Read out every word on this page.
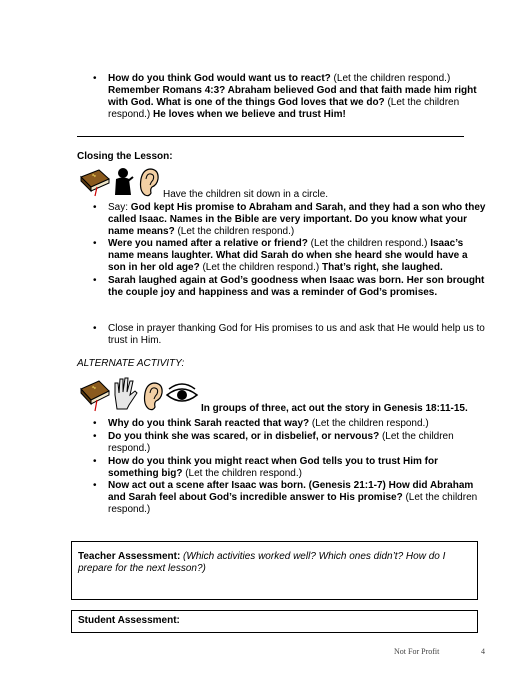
•	How do you think God would want us to react? (Let the children respond.) Remember Romans 4:3? Abraham believed God and that faith made him right with God. What is one of the things God loves that we do? (Let the children respond.) He loves when we believe and trust Him!
Closing the Lesson:
Have the children sit down in a circle.
•	Say: God kept His promise to Abraham and Sarah, and they had a son who they called Isaac. Names in the Bible are very important. Do you know what your name means? (Let the children respond.)
•	Were you named after a relative or friend? (Let the children respond.) Isaac’s name means laughter. What did Sarah do when she heard she would have a son in her old age? (Let the children respond.) That’s right, she laughed.
•	Sarah laughed again at God’s goodness when Isaac was born. Her son brought the couple joy and happiness and was a reminder of God’s promises.
•	Close in prayer thanking God for His promises to us and ask that He would help us to trust in Him.
ALTERNATE ACTIVITY:
In groups of three, act out the story in Genesis 18:11-15.
•	Why do you think Sarah reacted that way? (Let the children respond.)
•	Do you think she was scared, or in disbelief, or nervous? (Let the children respond.)
•	How do you think you might react when God tells you to trust Him for something big? (Let the children respond.)
•	Now act out a scene after Isaac was born. (Genesis 21:1-7) How did Abraham and Sarah feel about God’s incredible answer to His promise? (Let the children respond.)
Teacher Assessment: (Which activities worked well? Which ones didn’t? How do I prepare for the next lesson?)
Student Assessment:
Not For Profit	4
